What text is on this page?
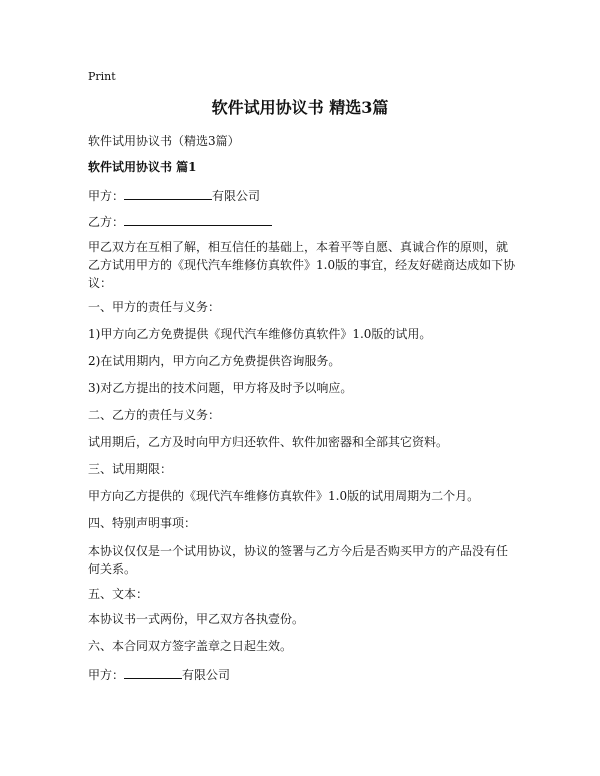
Print
软件试用协议书 精选3篇
软件试用协议书（精选3篇）
软件试用协议书 篇1
甲方：	有限公司
乙方：
甲乙双方在互相了解，相互信任的基础上，本着平等自愿、真诚合作的原则，就乙方试用甲方的《现代汽车维修仿真软件》1.0版的事宜，经友好磋商达成如下协议：
一、甲方的责任与义务：
1)甲方向乙方免费提供《现代汽车维修仿真软件》1.0版的试用。
2)在试用期内，甲方向乙方免费提供咨询服务。
3)对乙方提出的技术问题，甲方将及时予以响应。
二、乙方的责任与义务：
试用期后，乙方及时向甲方归还软件、软件加密器和全部其它资料。
三、试用期限：
甲方向乙方提供的《现代汽车维修仿真软件》1.0版的试用周期为二个月。
四、特别声明事项：
本协议仅仅是一个试用协议，协议的签署与乙方今后是否购买甲方的产品没有任何关系。
五、文本：
本协议书一式两份，甲乙双方各执壹份。
六、本合同双方签字盖章之日起生效。
甲方：	有限公司
